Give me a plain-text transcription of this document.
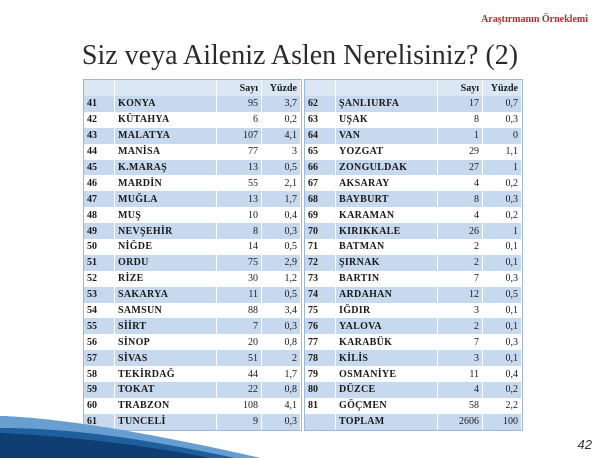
Araştırmanın Örneklemi
Siz veya Aileniz Aslen Nerelisiniz? (2)
		Sayı	Yüzde
41	KONYA	95	3,7
42	KÜTAHYA	6	0,2
43	MALATYA	107	4,1
44	MANİSA	77	3
45	K.MARAŞ	13	0,5
46	MARDİN	55	2,1
47	MUĞLA	13	1,7
48	MUŞ	10	0,4
49	NEVŞEHİR	8	0,3
50	NİĞDE	14	0,5
51	ORDU	75	2,9
52	RİZE	30	1,2
53	SAKARYA	11	0,5
54	SAMSUN	88	3,4
55	SİİRT	7	0,3
56	SİNOP	20	0,8
57	SİVAS	51	2
58	TEKİRDAĞ	44	1,7
59	TOKAT	22	0,8
60	TRABZON	108	4,1
61	TUNCELİ	9	0,3
		Sayı	Yüzde
62	ŞANLIURFA	17	0,7
63	UŞAK	8	0,3
64	VAN	1	0
65	YOZGAT	29	1,1
66	ZONGULDAK	27	1
67	AKSARAY	4	0,2
68	BAYBURT	8	0,3
69	KARAMAN	4	0,2
70	KIRIKKALE	26	1
71	BATMAN	2	0,1
72	ŞIRNAK	2	0,1
73	BARTIN	7	0,3
74	ARDAHAN	12	0,5
75	IĞDIR	3	0,1
76	YALOVA	2	0,1
77	KARABÜK	7	0,3
78	KİLİS	3	0,1
79	OSMANİYE	11	0,4
80	DÜZCE	4	0,2
81	GÖÇMEN	58	2,2
	TOPLAM	2606	100
42
